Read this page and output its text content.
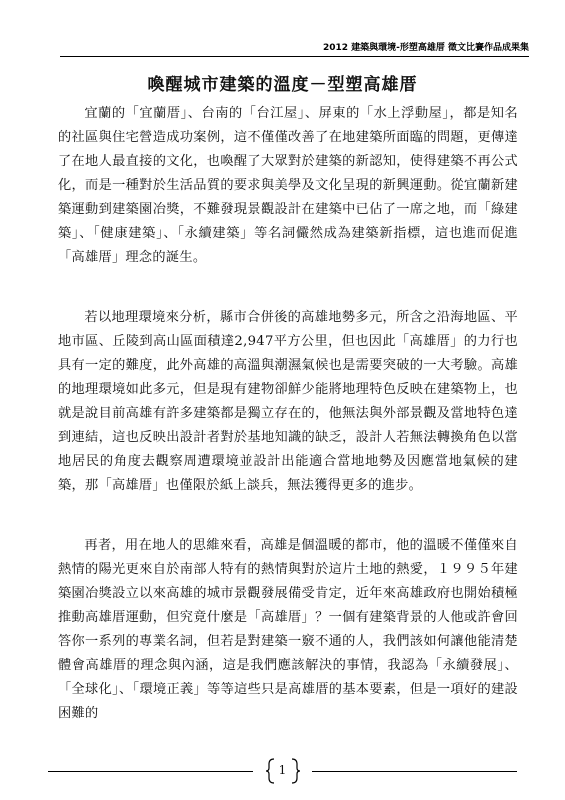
2012 建築與環境-形塑高雄厝 徵文比賽作品成果集
喚醒城市建築的溫度－型塑高雄厝

宜蘭的「宜蘭厝」、台南的「台江屋」、屏東的「水上浮動屋」，都是知名的社區與住宅營造成功案例，這不僅僅改善了在地建築所面臨的問題，更傳達了在地人最直接的文化，也喚醒了大眾對於建築的新認知，使得建築不再公式化，而是一種對於生活品質的要求與美學及文化呈現的新興運動。從宜蘭新建築運動到建築園冶獎，不難發現景觀設計在建築中已佔了一席之地，而「綠建築」、「健康建築」、「永續建築」等名詞儼然成為建築新指標，這也進而促進「高雄厝」理念的誕生。

若以地理環境來分析，縣市合併後的高雄地勢多元，所含之沿海地區、平地市區、丘陵到高山區面積達2,947平方公里，但也因此「高雄厝」的力行也具有一定的難度，此外高雄的高溫與潮濕氣候也是需要突破的一大考驗。高雄的地理環境如此多元，但是現有建物卻鮮少能將地理特色反映在建築物上，也就是說目前高雄有許多建築都是獨立存在的，他無法與外部景觀及當地特色達到連結，這也反映出設計者對於基地知識的缺乏，設計人若無法轉換角色以當地居民的角度去觀察周遭環境並設計出能適合當地地勢及因應當地氣候的建築，那「高雄厝」也僅限於紙上談兵，無法獲得更多的進步。

再者，用在地人的思維來看，高雄是個溫暖的都市，他的溫暖不僅僅來自熱情的陽光更來自於南部人特有的熱情與對於這片土地的熱愛，１９９５年建築園冶獎設立以來高雄的城市景觀發展備受肯定，近年來高雄政府也開始積極推動高雄厝運動，但究竟什麼是「高雄厝」？一個有建築背景的人他或許會回答你一系列的專業名詞，但若是對建築一竅不通的人，我們該如何讓他能清楚體會高雄厝的理念與內涵，這是我們應該解決的事情，我認為「永續發展」、「全球化」、「環境正義」等等這些只是高雄厝的基本要素，但是一項好的建設困難的

1
